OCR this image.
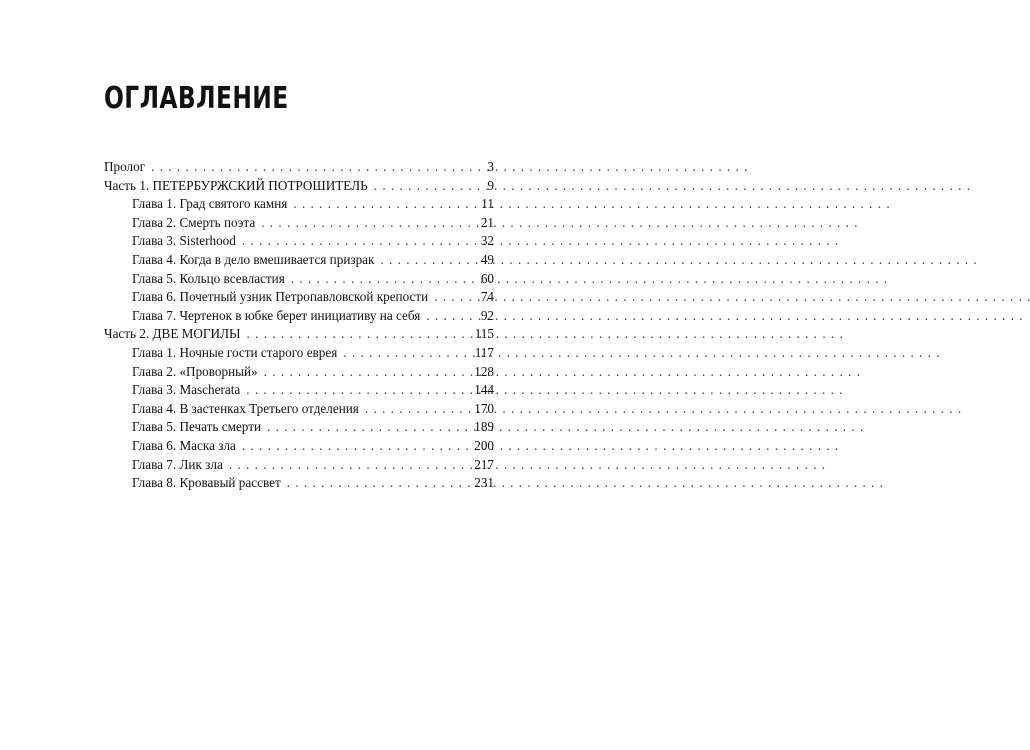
ОГЛАВЛЕНИЕ
Пролог . . .	3
Часть 1. ПЕТЕРБУРЖСКИЙ ПОТРОШИТЕЛЬ . . .	9
Глава 1. Град святого камня . . .	11
Глава 2. Смерть поэта . . .	21
Глава 3. Sisterhood . . .	32
Глава 4. Когда в дело вмешивается призрак . . .	49
Глава 5. Кольцо всевластия . . .	60
Глава 6. Почетный узник Петропавловской крепости . . .	74
Глава 7. Чертенок в юбке берет инициативу на себя . . .	92
Часть 2. ДВЕ МОГИЛЫ . . .	115
Глава 1. Ночные гости старого еврея . . .	117
Глава 2. «Проворный» . . .	128
Глава 3. Mascherata . . .	144
Глава 4. В застенках Третьего отделения . . .	170
Глава 5. Печать смерти . . .	189
Глава 6. Маска зла . . .	200
Глава 7. Лик зла . . .	217
Глава 8. Кровавый рассвет . . .	231
